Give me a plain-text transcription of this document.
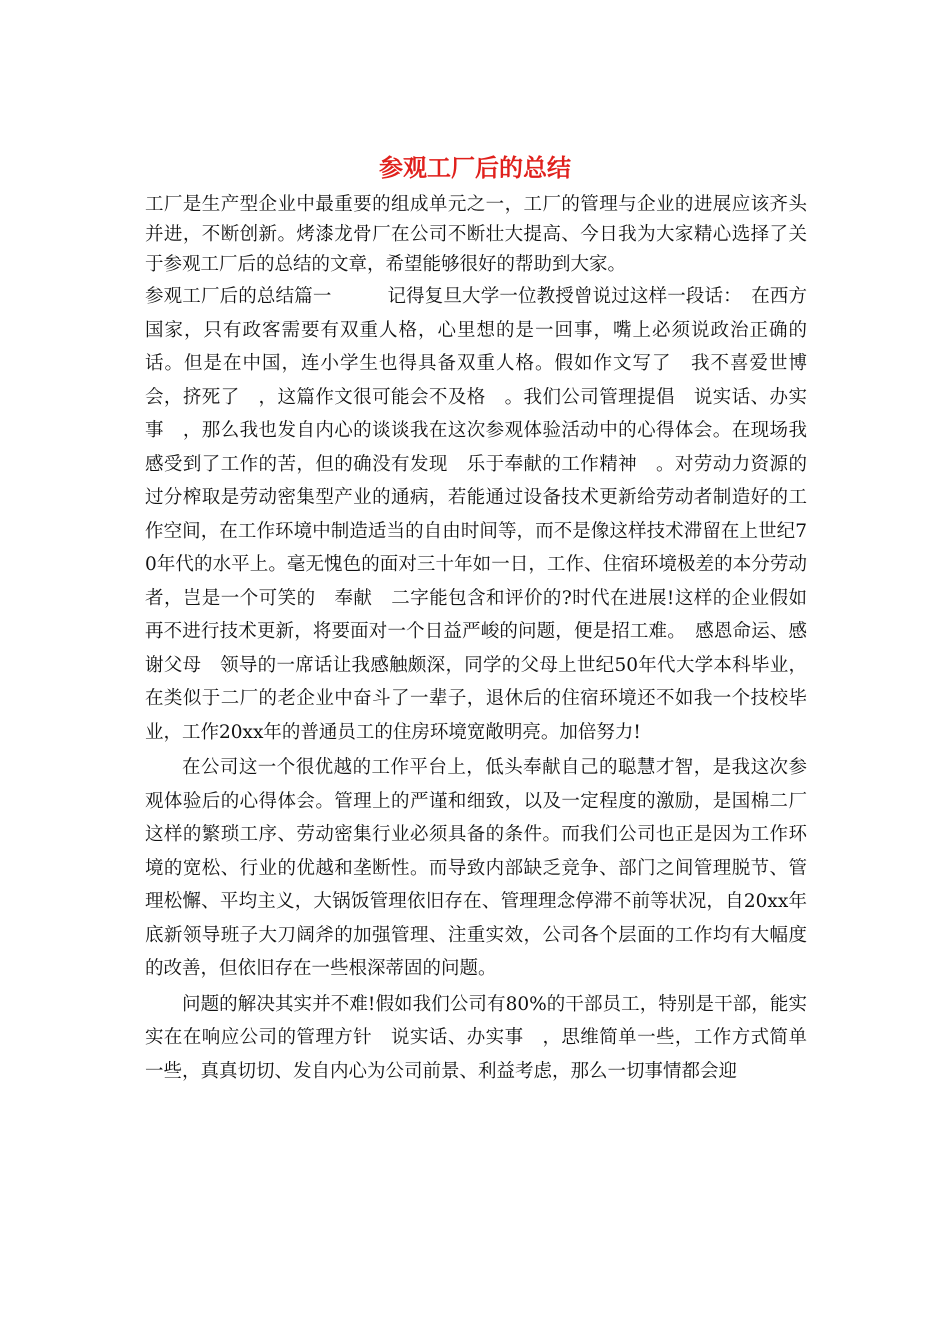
参观工厂后的总结

工厂是生产型企业中最重要的组成单元之一，工厂的管理与企业的进展应该齐头并进，不断创新。烤漆龙骨厂在公司不断壮大提高、今日我为大家精心选择了关于参观工厂后的总结的文章，希望能够很好的帮助到大家。

参观工厂后的总结篇一　　　记得复旦大学一位教授曾说过这样一段话：　在西方国家，只有政客需要有双重人格，心里想的是一回事，嘴上必须说政治正确的话。但是在中国，连小学生也得具备双重人格。假如作文写了　我不喜爱世博会，挤死了　，这篇作文很可能会不及格　。我们公司管理提倡　说实话、办实事　，那么我也发自内心的谈谈我在这次参观体验活动中的心得体会。在现场我感受到了工作的苦，但的确没有发现　乐于奉献的工作精神　。对劳动力资源的过分榨取是劳动密集型产业的通病，若能通过设备技术更新给劳动者制造好的工作空间，在工作环境中制造适当的自由时间等，而不是像这样技术滞留在上世纪70年代的水平上。毫无愧色的面对三十年如一日，工作、住宿环境极差的本分劳动者，岂是一个可笑的　奉献　二字能包含和评价的?时代在进展!这样的企业假如再不进行技术更新，将要面对一个日益严峻的问题，便是招工难。　感恩命运、感谢父母　领导的一席话让我感触颇深，同学的父母上世纪50年代大学本科毕业，在类似于二厂的老企业中奋斗了一辈子，退休后的住宿环境还不如我一个技校毕业，工作20xx年的普通员工的住房环境宽敞明亮。加倍努力!

在公司这一个很优越的工作平台上，低头奉献自己的聪慧才智，是我这次参观体验后的心得体会。管理上的严谨和细致，以及一定程度的激励，是国棉二厂这样的繁琐工序、劳动密集行业必须具备的条件。而我们公司也正是因为工作环境的宽松、行业的优越和垄断性。而导致内部缺乏竞争、部门之间管理脱节、管理松懈、平均主义，大锅饭管理依旧存在、管理理念停滞不前等状况，自20xx年底新领导班子大刀阔斧的加强管理、注重实效，公司各个层面的工作均有大幅度的改善，但依旧存在一些根深蒂固的问题。

问题的解决其实并不难!假如我们公司有80%的干部员工，特别是干部，能实实在在响应公司的管理方针　说实话、办实事　，思维简单一些，工作方式简单一些，真真切切、发自内心为公司前景、利益考虑，那么一切事情都会迎
